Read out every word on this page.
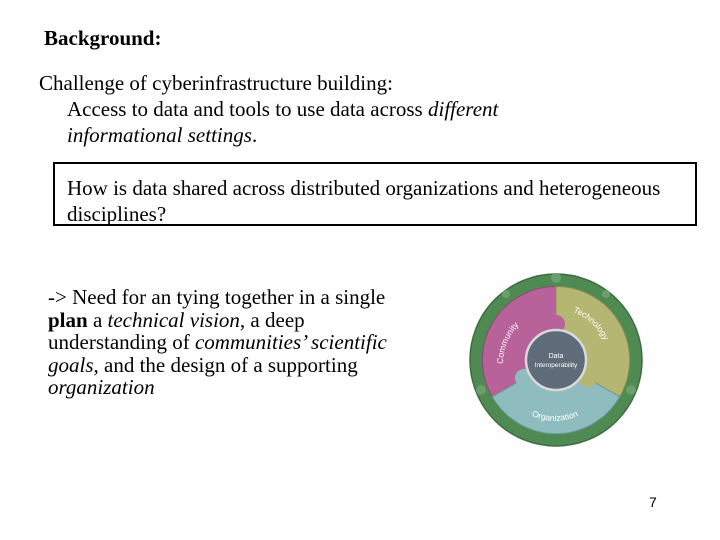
Background:
Challenge of cyberinfrastructure building:
Access to data and tools to use data across different informational settings.
How is data shared across distributed organizations and heterogeneous disciplines?
-> Need for an tying together in a single plan a technical vision, a deep understanding of communities’ scientific goals, and the design of a supporting organization
Data
Interoperability
Community
Technology
Organization
7
